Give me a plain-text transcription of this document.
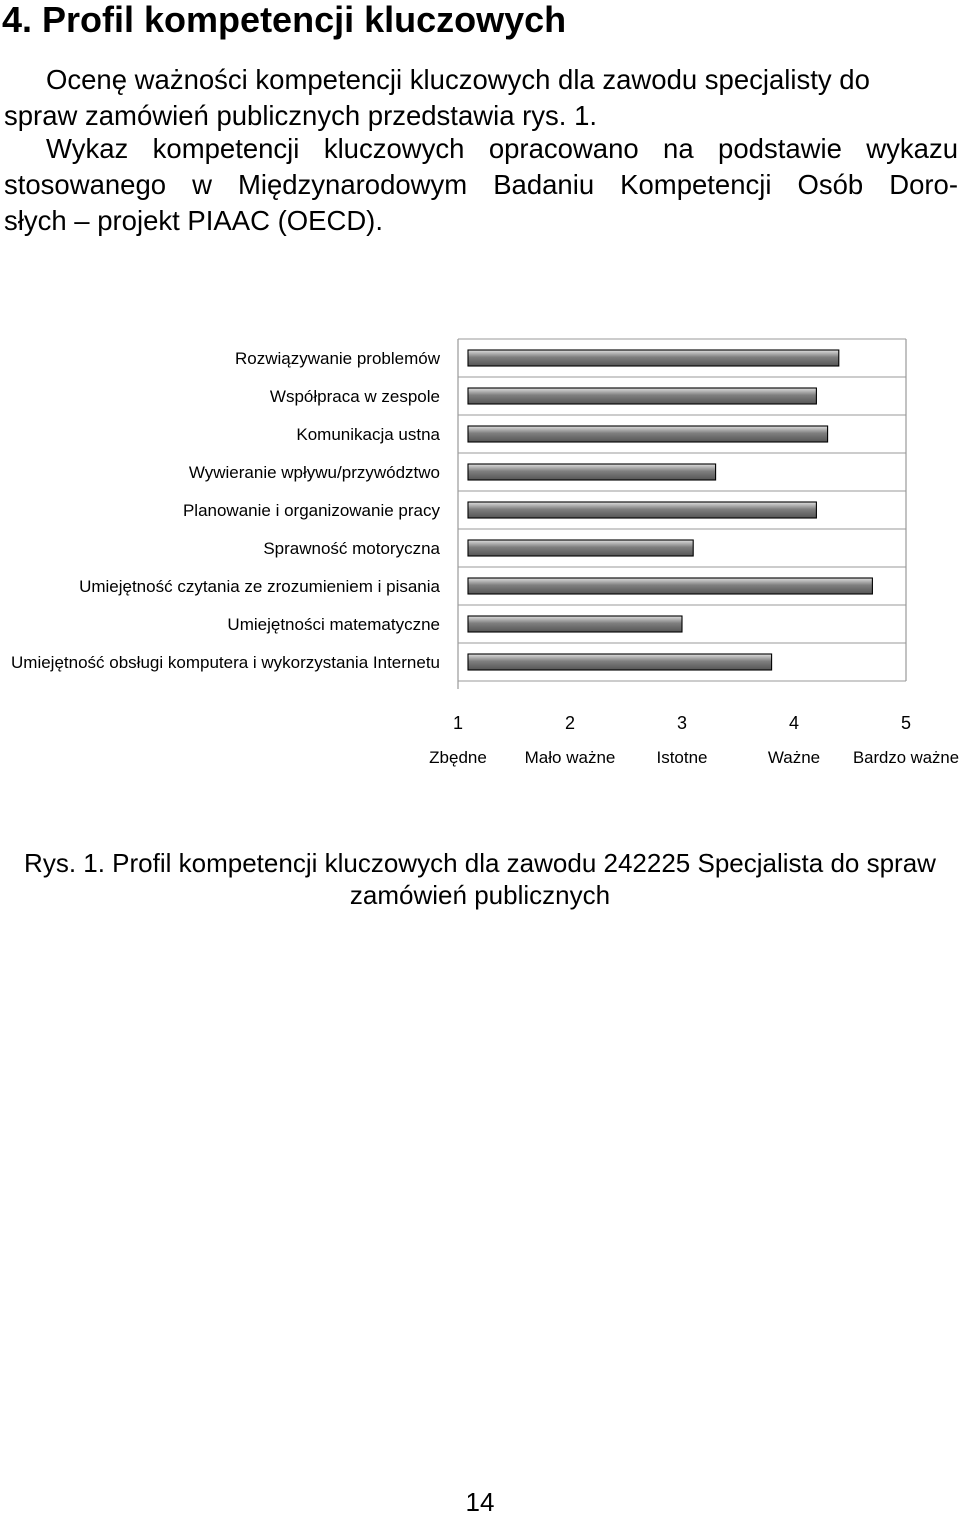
4. Profil kompetencji kluczowych

Ocenę ważności kompetencji kluczowych dla zawodu specjalisty do
spraw zamówień publicznych przedstawia rys. 1.

Wykaz kompetencji kluczowych opracowano na podstawie wykazu
stosowanego w Międzynarodowym Badaniu Kompetencji Osób Doro-
słych – projekt PIAAC (OECD).

Rozwiązywanie problemów
Współpraca w zespole
Komunikacja ustna
Wywieranie wpływu/przywództwo
Planowanie i organizowanie pracy
Sprawność motoryczna
Umiejętność czytania ze zrozumieniem i pisania
Umiejętności matematyczne
Umiejętność obsługi komputera i wykorzystania Internetu
1	2	3	4	5
Zbędne Mało ważne Istotne	Ważne Bardzo ważne

Rys. 1. Profil kompetencji kluczowych dla zawodu 242225 Specjalista do spraw
zamówień publicznych

14
